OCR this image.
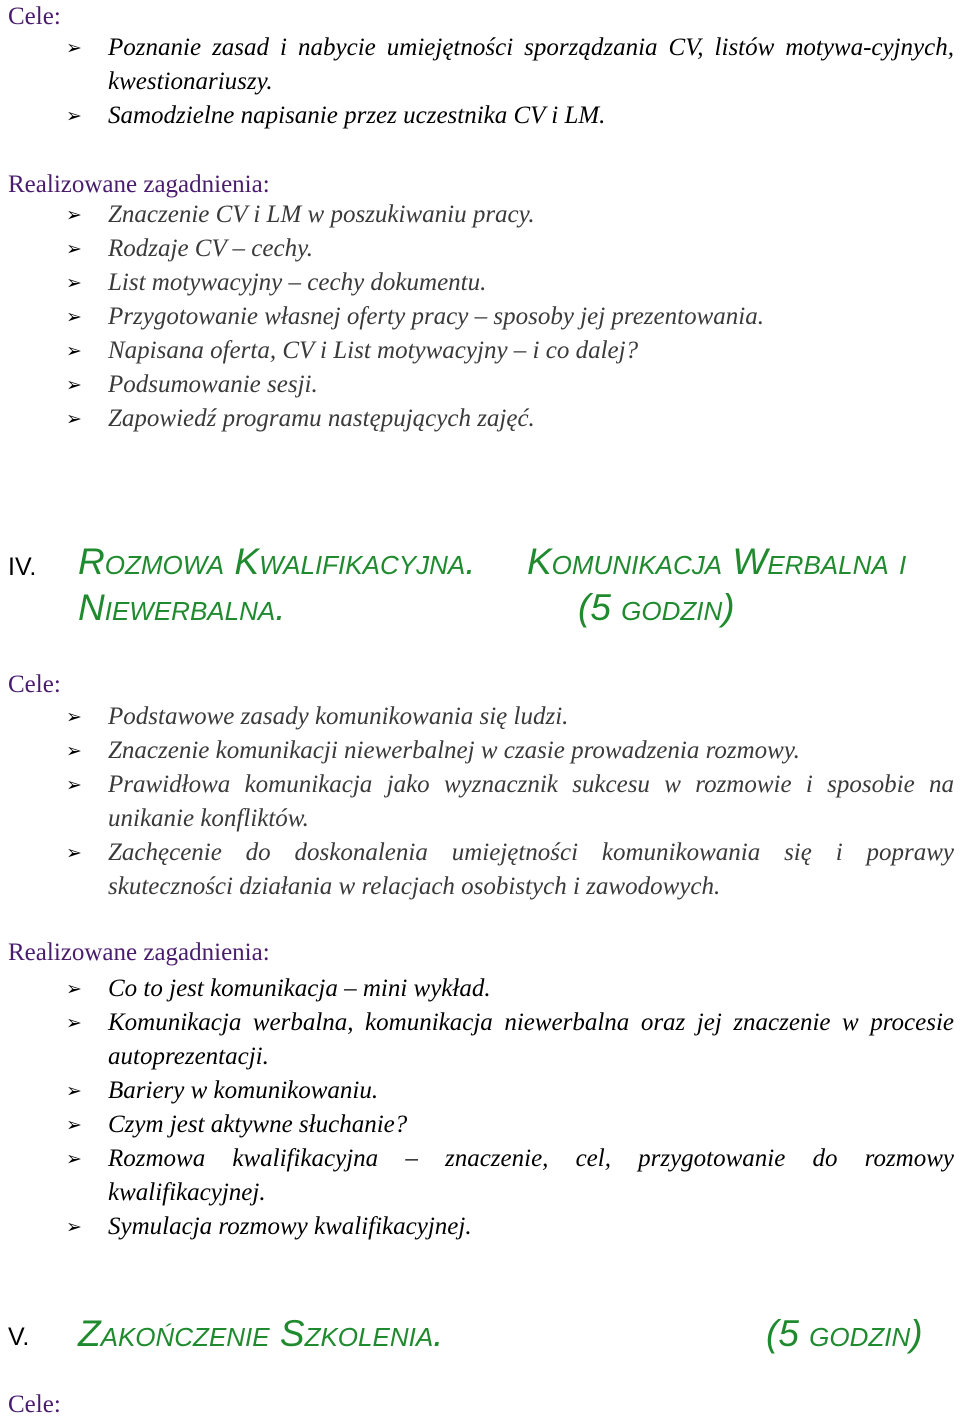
Cele:
➢ Poznanie zasad i nabycie umiejętności sporządzania CV, listów motywa-cyjnych, kwestionariuszy.
➢ Samodzielne napisanie przez uczestnika CV i LM.
Realizowane zagadnienia:
➢ Znaczenie CV i LM w poszukiwaniu pracy.
➢ Rodzaje CV – cechy.
➢ List motywacyjny – cechy dokumentu.
➢ Przygotowanie własnej oferty pracy – sposoby jej prezentowania.
➢ Napisana oferta, CV i List motywacyjny – i co dalej?
➢ Podsumowanie sesji.
➢ Zapowiedź programu następujących zajęć.
IV. Rozmowa Kwalifikacyjna. Komunikacja Werbalna i
Niewerbalna.	(5 godzin)
Cele:
➢ Podstawowe zasady komunikowania się ludzi.
➢ Znaczenie komunikacji niewerbalnej w czasie prowadzenia rozmowy.
➢ Prawidłowa komunikacja jako wyznacznik sukcesu w rozmowie i sposobie na unikanie konfliktów.
➢ Zachęcenie do doskonalenia umiejętności komunikowania się i poprawy skuteczności działania w relacjach osobistych i zawodowych.
Realizowane zagadnienia:
➢ Co to jest komunikacja – mini wykład.
➢ Komunikacja werbalna, komunikacja niewerbalna oraz jej znaczenie w procesie autoprezentacji.
➢ Bariery w komunikowaniu.
➢ Czym jest aktywne słuchanie?
➢ Rozmowa kwalifikacyjna – znaczenie, cel, przygotowanie do rozmowy kwalifikacyjnej.
➢ Symulacja rozmowy kwalifikacyjnej.
V. Zakończenie Szkolenia.	(5 godzin)
Cele:
